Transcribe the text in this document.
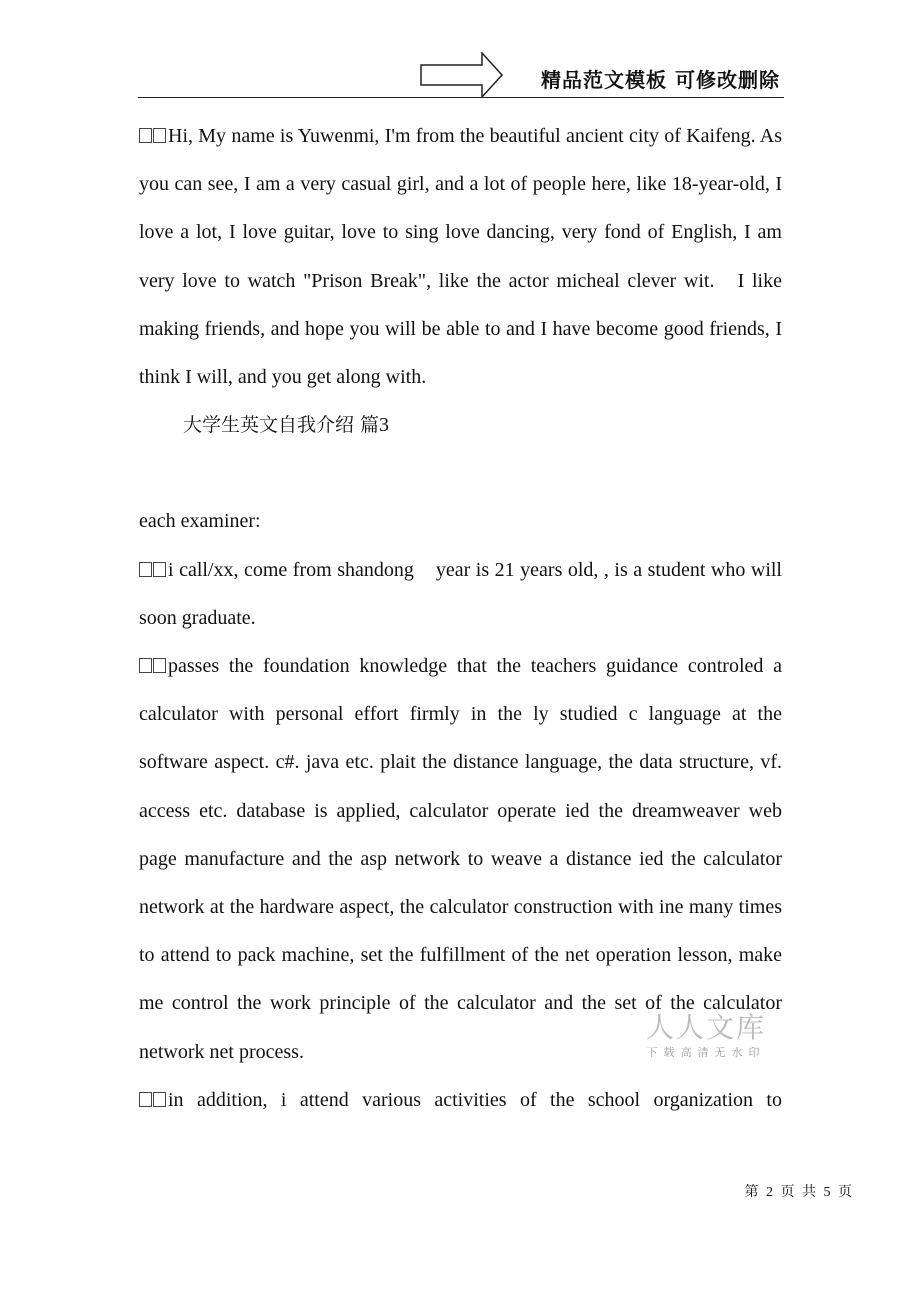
精品范文模板 可修改删除

Hi, My name is Yuwenmi, I'm from the beautiful ancient city of Kaifeng. As you can see, I am a very casual girl, and a lot of people here, like 18-year-old, I love a lot, I love guitar, love to sing love dancing, very fond of English, I am very love to watch "Prison Break", like the actor micheal clever wit.   I like making friends, and hope you will be able to and I have become good friends, I think I will, and you get along with.

大学生英文自我介绍 篇3

each examiner:

i call/xx, come from shandong    year is 21 years old, , is a student who will soon graduate.

passes the foundation knowledge that the teachers guidance controled a calculator with personal effort firmly in the ly studied c language at the software aspect. c#. java etc. plait the distance language, the data structure, vf. access etc. database is applied, calculator operate ied the dreamweaver web page manufacture and the asp network to weave a distance ied the calculator network at the hardware aspect, the calculator construction with ine many times to attend to pack machine, set the fulfillment of the net operation lesson, make me control the work principle of the calculator and the set of the calculator network net process.

in addition, i attend various activities of the school organization to

人人文库
下载高清无水印
第 2 页 共 5 页
